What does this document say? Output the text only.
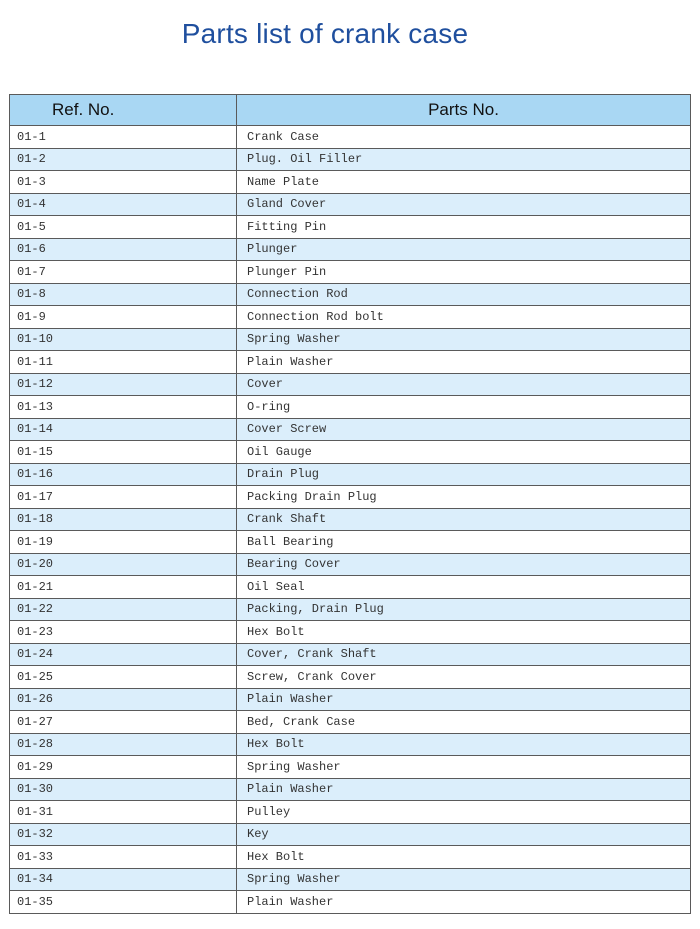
Parts list of crank case
Ref. No.	Parts No.
01-1	Crank Case
01-2	Plug. Oil Filler
01-3	Name Plate
01-4	Gland Cover
01-5	Fitting Pin
01-6	Plunger
01-7	Plunger Pin
01-8	Connection Rod
01-9	Connection Rod bolt
01-10	Spring Washer
01-11	Plain Washer
01-12	Cover
01-13	O-ring
01-14	Cover Screw
01-15	Oil Gauge
01-16	Drain Plug
01-17	Packing Drain Plug
01-18	Crank Shaft
01-19	Ball Bearing
01-20	Bearing Cover
01-21	Oil Seal
01-22	Packing, Drain Plug
01-23	Hex Bolt
01-24	Cover, Crank Shaft
01-25	Screw, Crank Cover
01-26	Plain Washer
01-27	Bed, Crank Case
01-28	Hex Bolt
01-29	Spring Washer
01-30	Plain Washer
01-31	Pulley
01-32	Key
01-33	Hex Bolt
01-34	Spring Washer
01-35	Plain Washer
